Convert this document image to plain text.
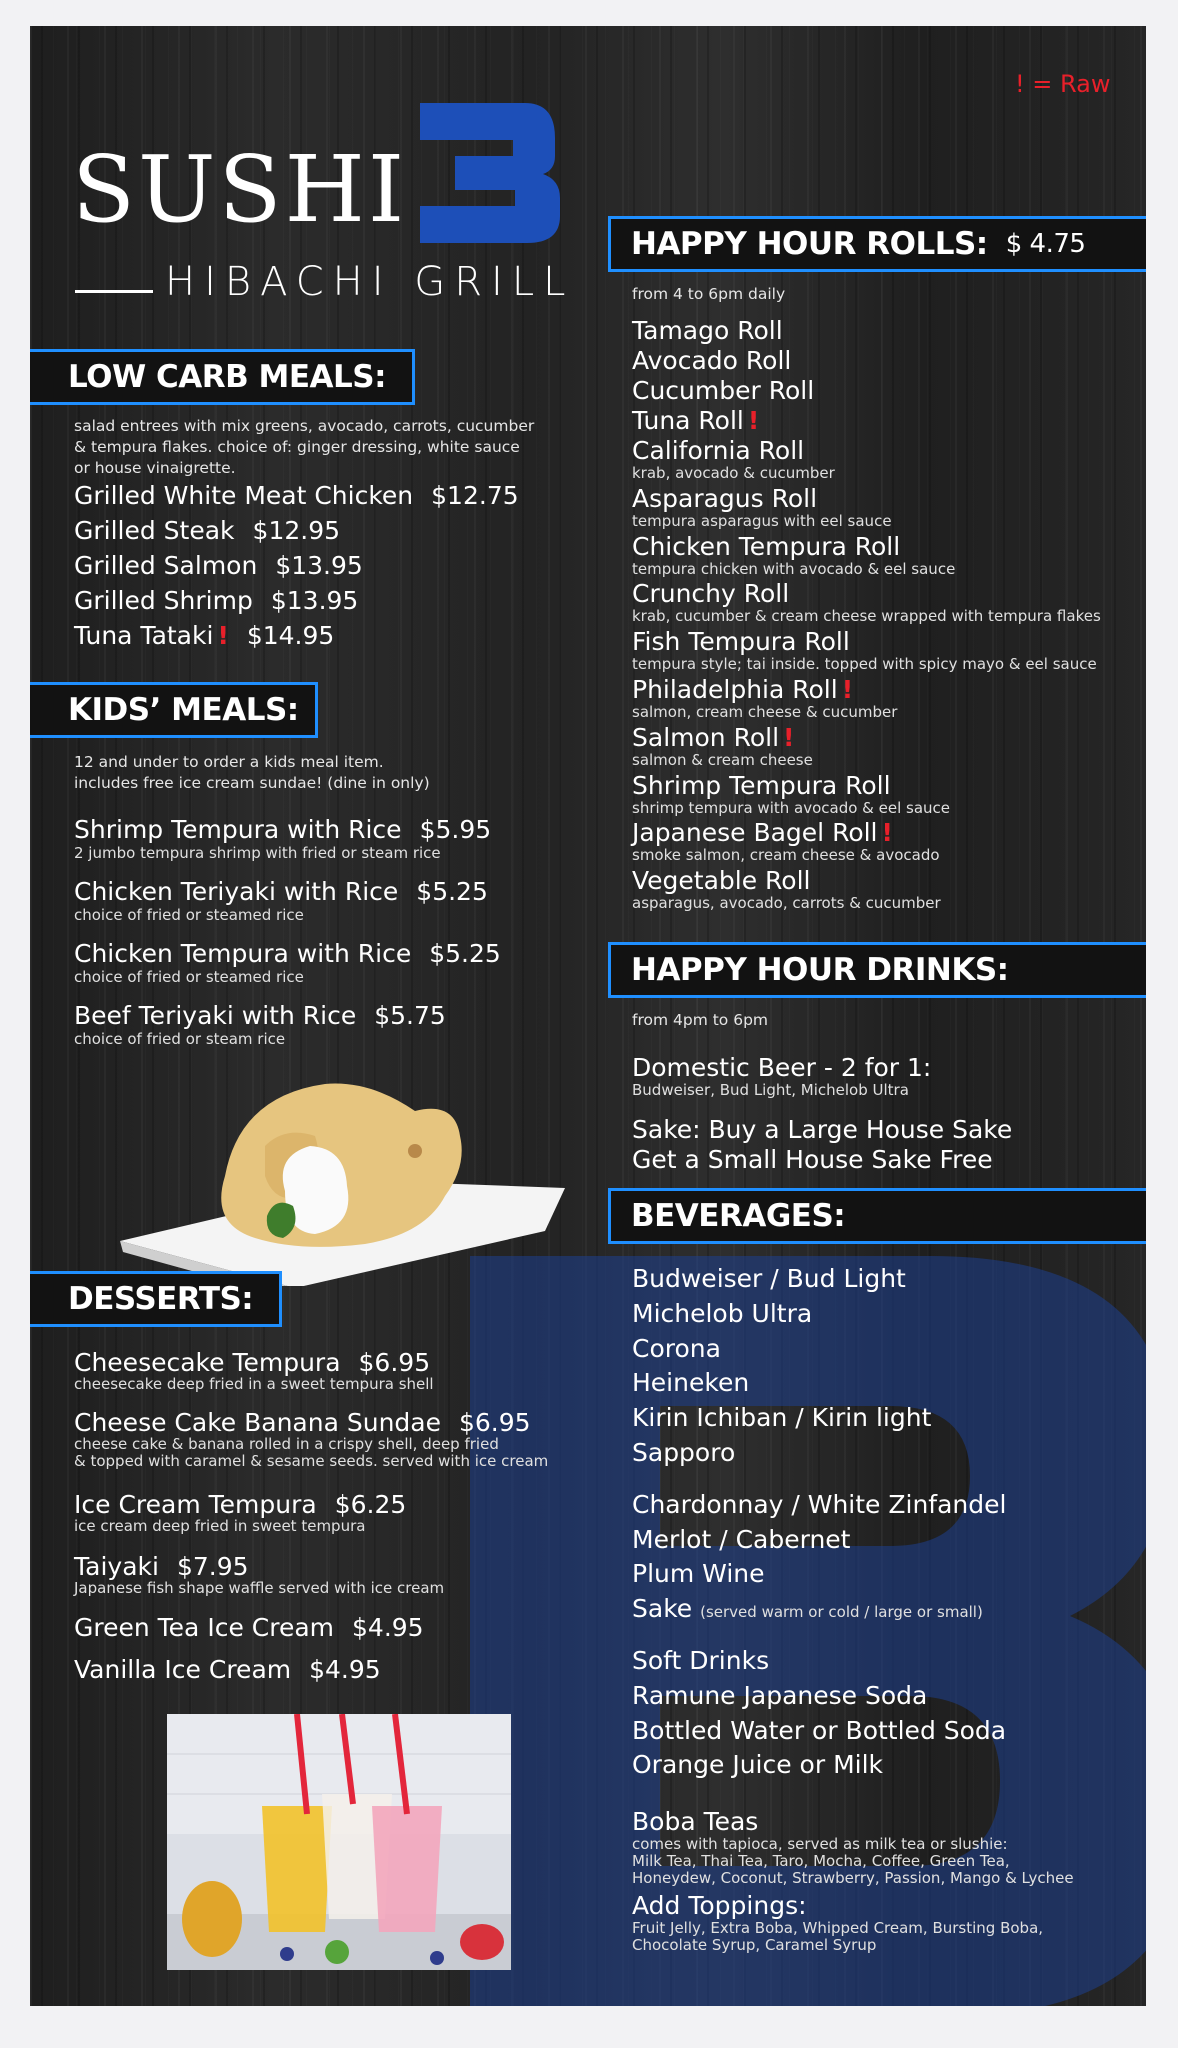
! = Raw
SUSHI
HIBACHI GRILL
LOW CARB MEALS:
salad entrees with mix greens, avocado, carrots, cucumber
& tempura flakes. choice of: ginger dressing, white sauce
or house vinaigrette.
Grilled White Meat Chicken $12.75
Grilled Steak $12.95
Grilled Salmon $13.95
Grilled Shrimp $13.95
Tuna Tataki ! $14.95
KIDS’ MEALS:
12 and under to order a kids meal item.
includes free ice cream sundae! (dine in only)
Shrimp Tempura with Rice $5.95
2 jumbo tempura shrimp with fried or steam rice
Chicken Teriyaki with Rice $5.25
choice of fried or steamed rice
Chicken Tempura with Rice $5.25
choice of fried or steamed rice
Beef Teriyaki with Rice $5.75
choice of fried or steam rice
DESSERTS:
Cheesecake Tempura $6.95
cheesecake deep fried in a sweet tempura shell
Cheese Cake Banana Sundae $6.95
cheese cake & banana rolled in a crispy shell, deep fried
& topped with caramel & sesame seeds. served with ice cream
Ice Cream Tempura $6.25
ice cream deep fried in sweet tempura
Taiyaki $7.95
Japanese fish shape waffle served with ice cream
Green Tea Ice Cream $4.95
Vanilla Ice Cream $4.95
HAPPY HOUR ROLLS: $ 4.75
from 4 to 6pm daily
Tamago Roll
Avocado Roll
Cucumber Roll
Tuna Roll !
California Roll
krab, avocado & cucumber
Asparagus Roll
tempura asparagus with eel sauce
Chicken Tempura Roll
tempura chicken with avocado & eel sauce
Crunchy Roll
krab, cucumber & cream cheese wrapped with tempura flakes
Fish Tempura Roll
tempura style; tai inside. topped with spicy mayo & eel sauce
Philadelphia Roll !
salmon, cream cheese & cucumber
Salmon Roll !
salmon & cream cheese
Shrimp Tempura Roll
shrimp tempura with avocado & eel sauce
Japanese Bagel Roll !
smoke salmon, cream cheese & avocado
Vegetable Roll
asparagus, avocado, carrots & cucumber
HAPPY HOUR DRINKS:
from 4pm to 6pm
Domestic Beer - 2 for 1:
Budweiser, Bud Light, Michelob Ultra
Sake: Buy a Large House Sake
Get a Small House Sake Free
BEVERAGES:
Budweiser / Bud Light
Michelob Ultra
Corona
Heineken
Kirin Ichiban / Kirin light
Sapporo
Chardonnay / White Zinfandel
Merlot / Cabernet
Plum Wine
Sake (served warm or cold / large or small)
Soft Drinks
Ramune Japanese Soda
Bottled Water or Bottled Soda
Orange Juice or Milk
Boba Teas
comes with tapioca, served as milk tea or slushie:
Milk Tea, Thai Tea, Taro, Mocha, Coffee, Green Tea,
Honeydew, Coconut, Strawberry, Passion, Mango & Lychee
Add Toppings:
Fruit Jelly, Extra Boba, Whipped Cream, Bursting Boba,
Chocolate Syrup, Caramel Syrup
